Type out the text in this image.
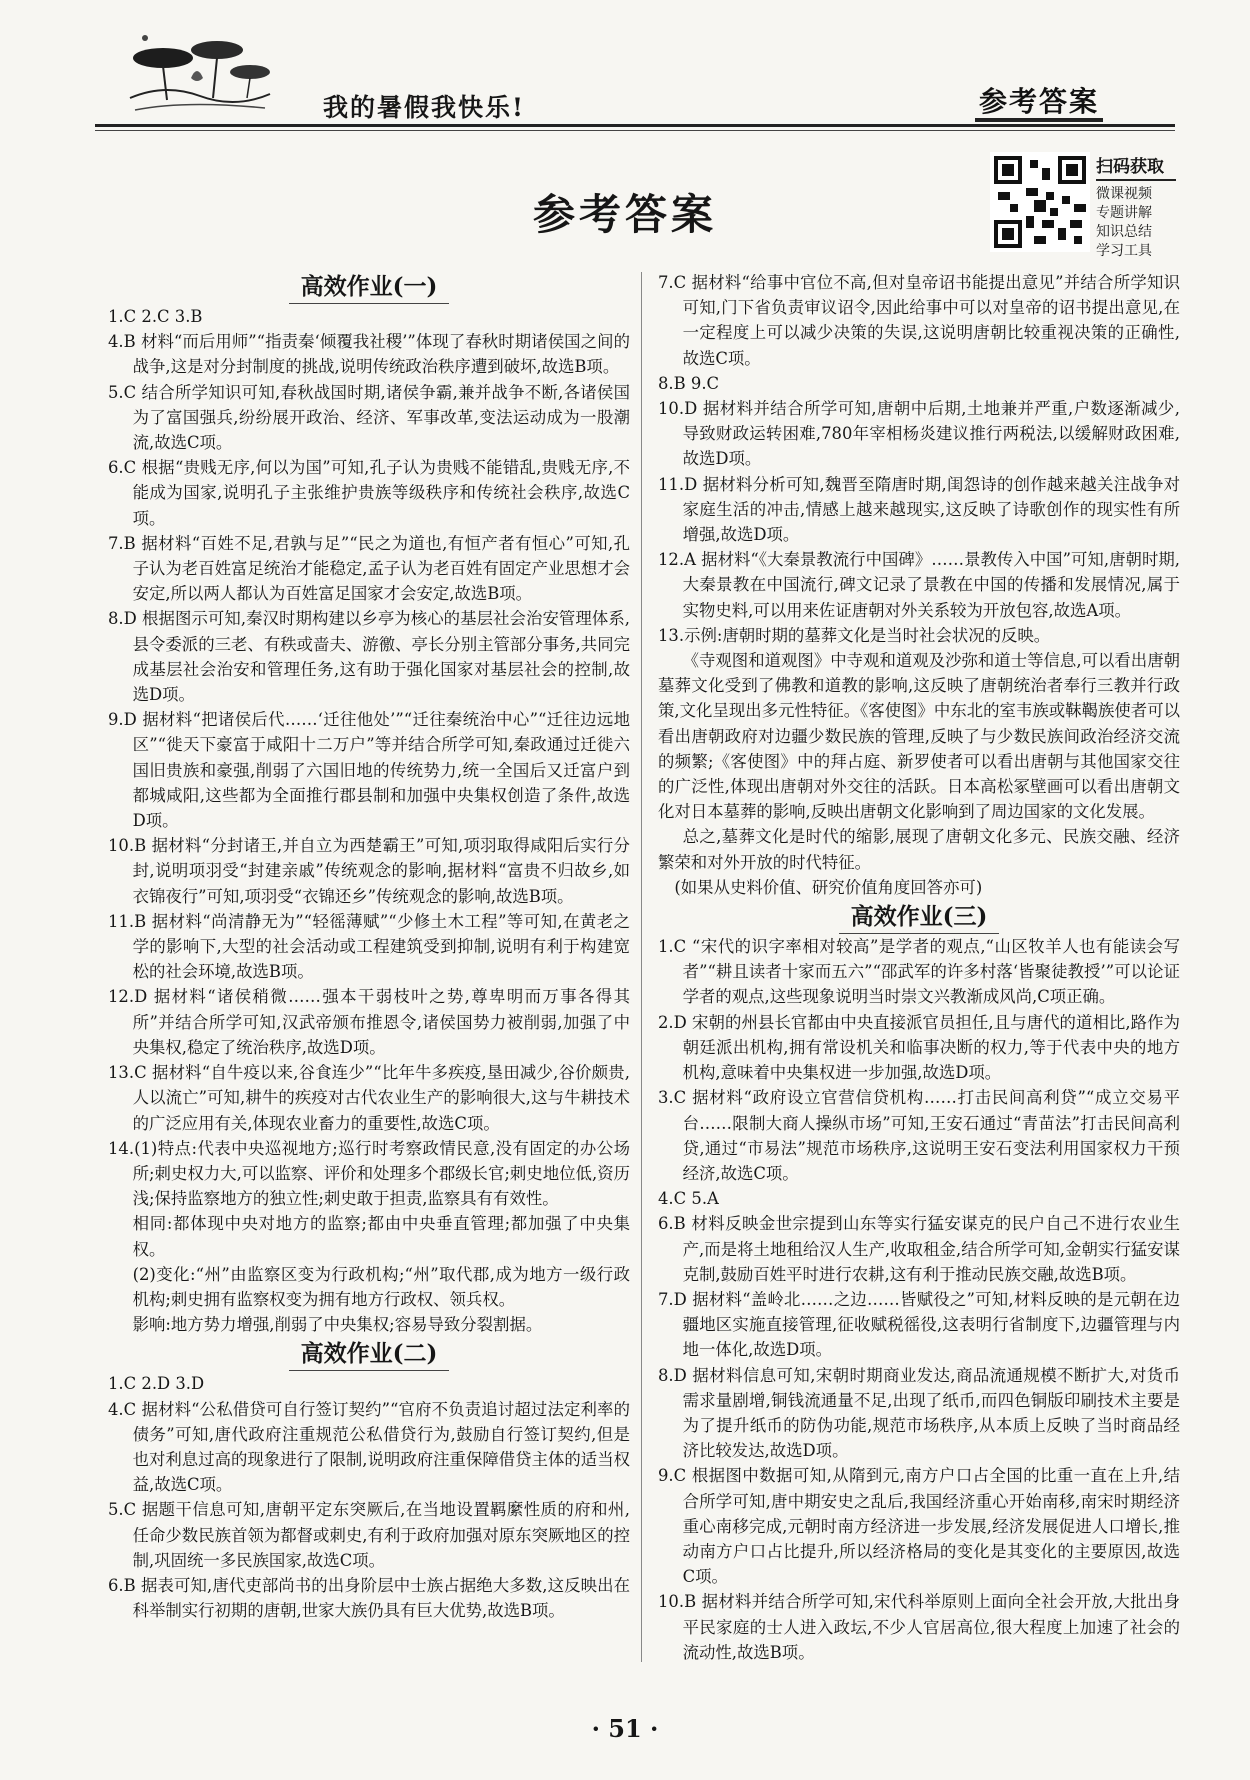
我的暑假我快乐!	参考答案
扫码获取
微课视频
专题讲解
知识总结
学习工具
参考答案
高效作业(一)

1.C 2.C 3.B

4.B 材料“而后用师”“指责秦‘倾覆我社稷’”体现了春秋时期诸侯国之间的战争,这是对分封制度的挑战,说明传统政治秩序遭到破坏,故选B项。

5.C 结合所学知识可知,春秋战国时期,诸侯争霸,兼并战争不断,各诸侯国为了富国强兵,纷纷展开政治、经济、军事改革,变法运动成为一股潮流,故选C项。

6.C 根据“贵贱无序,何以为国”可知,孔子认为贵贱不能错乱,贵贱无序,不能成为国家,说明孔子主张维护贵族等级秩序和传统社会秩序,故选C项。

7.B 据材料“百姓不足,君孰与足”“民之为道也,有恒产者有恒心”可知,孔子认为老百姓富足统治才能稳定,孟子认为老百姓有固定产业思想才会安定,所以两人都认为百姓富足国家才会安定,故选B项。

8.D 根据图示可知,秦汉时期构建以乡亭为核心的基层社会治安管理体系,县令委派的三老、有秩或啬夫、游徼、亭长分别主管部分事务,共同完成基层社会治安和管理任务,这有助于强化国家对基层社会的控制,故选D项。

9.D 据材料“把诸侯后代……‘迁往他处’”“迁往秦统治中心”“迁往边远地区”“徙天下豪富于咸阳十二万户”等并结合所学可知,秦政通过迁徙六国旧贵族和豪强,削弱了六国旧地的传统势力,统一全国后又迁富户到都城咸阳,这些都为全面推行郡县制和加强中央集权创造了条件,故选D项。

10.B 据材料“分封诸王,并自立为西楚霸王”可知,项羽取得咸阳后实行分封,说明项羽受“封建亲戚”传统观念的影响,据材料“富贵不归故乡,如衣锦夜行”可知,项羽受“衣锦还乡”传统观念的影响,故选B项。

11.B 据材料“尚清静无为”“轻徭薄赋”“少修土木工程”等可知,在黄老之学的影响下,大型的社会活动或工程建筑受到抑制,说明有利于构建宽松的社会环境,故选B项。

12.D 据材料“诸侯稍微……强本干弱枝叶之势,尊卑明而万事各得其所”并结合所学可知,汉武帝颁布推恩令,诸侯国势力被削弱,加强了中央集权,稳定了统治秩序,故选D项。

13.C 据材料“自牛疫以来,谷食连少”“比年牛多疾疫,垦田减少,谷价颇贵,人以流亡”可知,耕牛的疾疫对古代农业生产的影响很大,这与牛耕技术的广泛应用有关,体现农业畜力的重要性,故选C项。

14.(1)特点:代表中央巡视地方;巡行时考察政情民意,没有固定的办公场所;刺史权力大,可以监察、评价和处理多个郡级长官;刺史地位低,资历浅;保持监察地方的独立性;刺史敢于担责,监察具有有效性。

相同:都体现中央对地方的监察;都由中央垂直管理;都加强了中央集权。

(2)变化:“州”由监察区变为行政机构;“州”取代郡,成为地方一级行政机构;刺史拥有监察权变为拥有地方行政权、领兵权。

影响:地方势力增强,削弱了中央集权;容易导致分裂割据。

高效作业(二)

1.C 2.D 3.D

4.C 据材料“公私借贷可自行签订契约”“官府不负责追讨超过法定利率的债务”可知,唐代政府注重规范公私借贷行为,鼓励自行签订契约,但是也对利息过高的现象进行了限制,说明政府注重保障借贷主体的适当权益,故选C项。

5.C 据题干信息可知,唐朝平定东突厥后,在当地设置羁縻性质的府和州,任命少数民族首领为都督或刺史,有利于政府加强对原东突厥地区的控制,巩固统一多民族国家,故选C项。

6.B 据表可知,唐代吏部尚书的出身阶层中士族占据绝大多数,这反映出在科举制实行初期的唐朝,世家大族仍具有巨大优势,故选B项。

7.C 据材料“给事中官位不高,但对皇帝诏书能提出意见”并结合所学知识可知,门下省负责审议诏令,因此给事中可以对皇帝的诏书提出意见,在一定程度上可以减少决策的失误,这说明唐朝比较重视决策的正确性,故选C项。

8.B 9.C

10.D 据材料并结合所学可知,唐朝中后期,土地兼并严重,户数逐渐减少,导致财政运转困难,780年宰相杨炎建议推行两税法,以缓解财政困难,故选D项。

11.D 据材料分析可知,魏晋至隋唐时期,闺怨诗的创作越来越关注战争对家庭生活的冲击,情感上越来越现实,这反映了诗歌创作的现实性有所增强,故选D项。

12.A 据材料“《大秦景教流行中国碑》……景教传入中国”可知,唐朝时期,大秦景教在中国流行,碑文记录了景教在中国的传播和发展情况,属于实物史料,可以用来佐证唐朝对外关系较为开放包容,故选A项。

13.示例:唐朝时期的墓葬文化是当时社会状况的反映。

《寺观图和道观图》中寺观和道观及沙弥和道士等信息,可以看出唐朝墓葬文化受到了佛教和道教的影响,这反映了唐朝统治者奉行三教并行政策,文化呈现出多元性特征。《客使图》中东北的室韦族或靺鞨族使者可以看出唐朝政府对边疆少数民族的管理,反映了与少数民族间政治经济交流的频繁;《客使图》中的拜占庭、新罗使者可以看出唐朝与其他国家交往的广泛性,体现出唐朝对外交往的活跃。日本高松冢壁画可以看出唐朝文化对日本墓葬的影响,反映出唐朝文化影响到了周边国家的文化发展。

总之,墓葬文化是时代的缩影,展现了唐朝文化多元、民族交融、经济繁荣和对外开放的时代特征。

(如果从史料价值、研究价值角度回答亦可)

高效作业(三)

1.C “宋代的识字率相对较高”是学者的观点,“山区牧羊人也有能读会写者”“耕且读者十家而五六”“邵武军的许多村落‘皆聚徒教授’”可以论证学者的观点,这些现象说明当时崇文兴教渐成风尚,C项正确。

2.D 宋朝的州县长官都由中央直接派官员担任,且与唐代的道相比,路作为朝廷派出机构,拥有常设机关和临事决断的权力,等于代表中央的地方机构,意味着中央集权进一步加强,故选D项。

3.C 据材料“政府设立官营信贷机构……打击民间高利贷”“成立交易平台……限制大商人操纵市场”可知,王安石通过“青苗法”打击民间高利贷,通过“市易法”规范市场秩序,这说明王安石变法利用国家权力干预经济,故选C项。

4.C 5.A

6.B 材料反映金世宗提到山东等实行猛安谋克的民户自己不进行农业生产,而是将土地租给汉人生产,收取租金,结合所学可知,金朝实行猛安谋克制,鼓励百姓平时进行农耕,这有利于推动民族交融,故选B项。

7.D 据材料“盖岭北……之边……皆赋役之”可知,材料反映的是元朝在边疆地区实施直接管理,征收赋税徭役,这表明行省制度下,边疆管理与内地一体化,故选D项。

8.D 据材料信息可知,宋朝时期商业发达,商品流通规模不断扩大,对货币需求量剧增,铜钱流通量不足,出现了纸币,而四色铜版印刷技术主要是为了提升纸币的防伪功能,规范市场秩序,从本质上反映了当时商品经济比较发达,故选D项。

9.C 根据图中数据可知,从隋到元,南方户口占全国的比重一直在上升,结合所学可知,唐中期安史之乱后,我国经济重心开始南移,南宋时期经济重心南移完成,元朝时南方经济进一步发展,经济发展促进人口增长,推动南方户口占比提升,所以经济格局的变化是其变化的主要原因,故选C项。

10.B 据材料并结合所学可知,宋代科举原则上面向全社会开放,大批出身平民家庭的士人进入政坛,不少人官居高位,很大程度上加速了社会的流动性,故选B项。

· 51 ·
